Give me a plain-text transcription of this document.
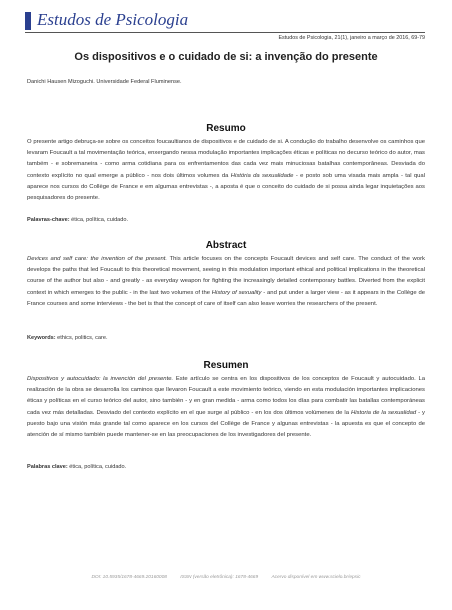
Estudos de Psicologia
Estudos de Psicologia, 21(1), janeiro a março de 2016, 69-79
Os dispositivos e o cuidado de si: a invenção do presente
Danichi Hausen Mizoguchi. Universidade Federal Fluminense.
Resumo
O presente artigo debruça-se sobre os conceitos foucaultianos de dispositivos e de cuidado de si. A condução do trabalho desenvolve os caminhos que levaram Foucault a tal movimentação teórica, enxergando nessa modulação importantes implicações éticas e políticas no decurso teórico do autor, mas também - e sobremaneira - como arma cotidiana para os enfrentamentos das cada vez mais minuciosas batalhas contemporâneas. Desviada do contexto explícito no qual emerge a público - nos dois últimos volumes da História da sexualidade - e posto sob uma visada mais ampla - tal qual aparece nos cursos do Collège de France e em algumas entrevistas -, a aposta é que o conceito do cuidado de si possa ainda legar inquietações aos pesquisadores do presente.
Palavras-chave: ética, política, cuidado.
Abstract
Devices and self care: the invention of the present. This article focuses on the concepts Foucault devices and self care. The conduct of the work develops the paths that led Foucault to this theoretical movement, seeing in this modulation important ethical and political implications in the theoretical course of the author but also - and greatly - as everyday weapon for fighting the increasingly detailed contemporary battles. Diverted from the explicit context in which emerges to the public - in the last two volumes of the History of sexuality - and put under a larger view - as it appears in the Collège de France courses and some interviews - the bet is that the concept of care of itself can also leave worries the researchers of the present.
Keywords: ethics, politics, care.
Resumen
Dispositivos y autocuidado: la invención del presente. Este artículo se centra en los dispositivos de los conceptos de Foucault y autocuidado. La realización de la obra se desarrolla los caminos que llevaron Foucault a este movimiento teórico, viendo en esta modulación importantes implicaciones éticas y políticas en el curso teórico del autor, sino también - y en gran medida - arma como todos los días para combatir las batallas contemporáneas cada vez más detalladas. Desviado del contexto explícito en el que surge al público - en los dos últimos volúmenes de la Historia de la sexualidad - y puesto bajo una visión más grande tal como aparece en los cursos del Collège de France y algunas entrevistas - la apuesta es que el concepto de atención de sí mismo también puede mantener-se en las preocupaciones de los investigadores del presente.
Palabras clave: ética, política, cuidado.
DOI: 10.5935/1678-4669.20160008	ISSN (versão eletrônica): 1678-4669	Acervo disponível em www.scielo.br/epsic
